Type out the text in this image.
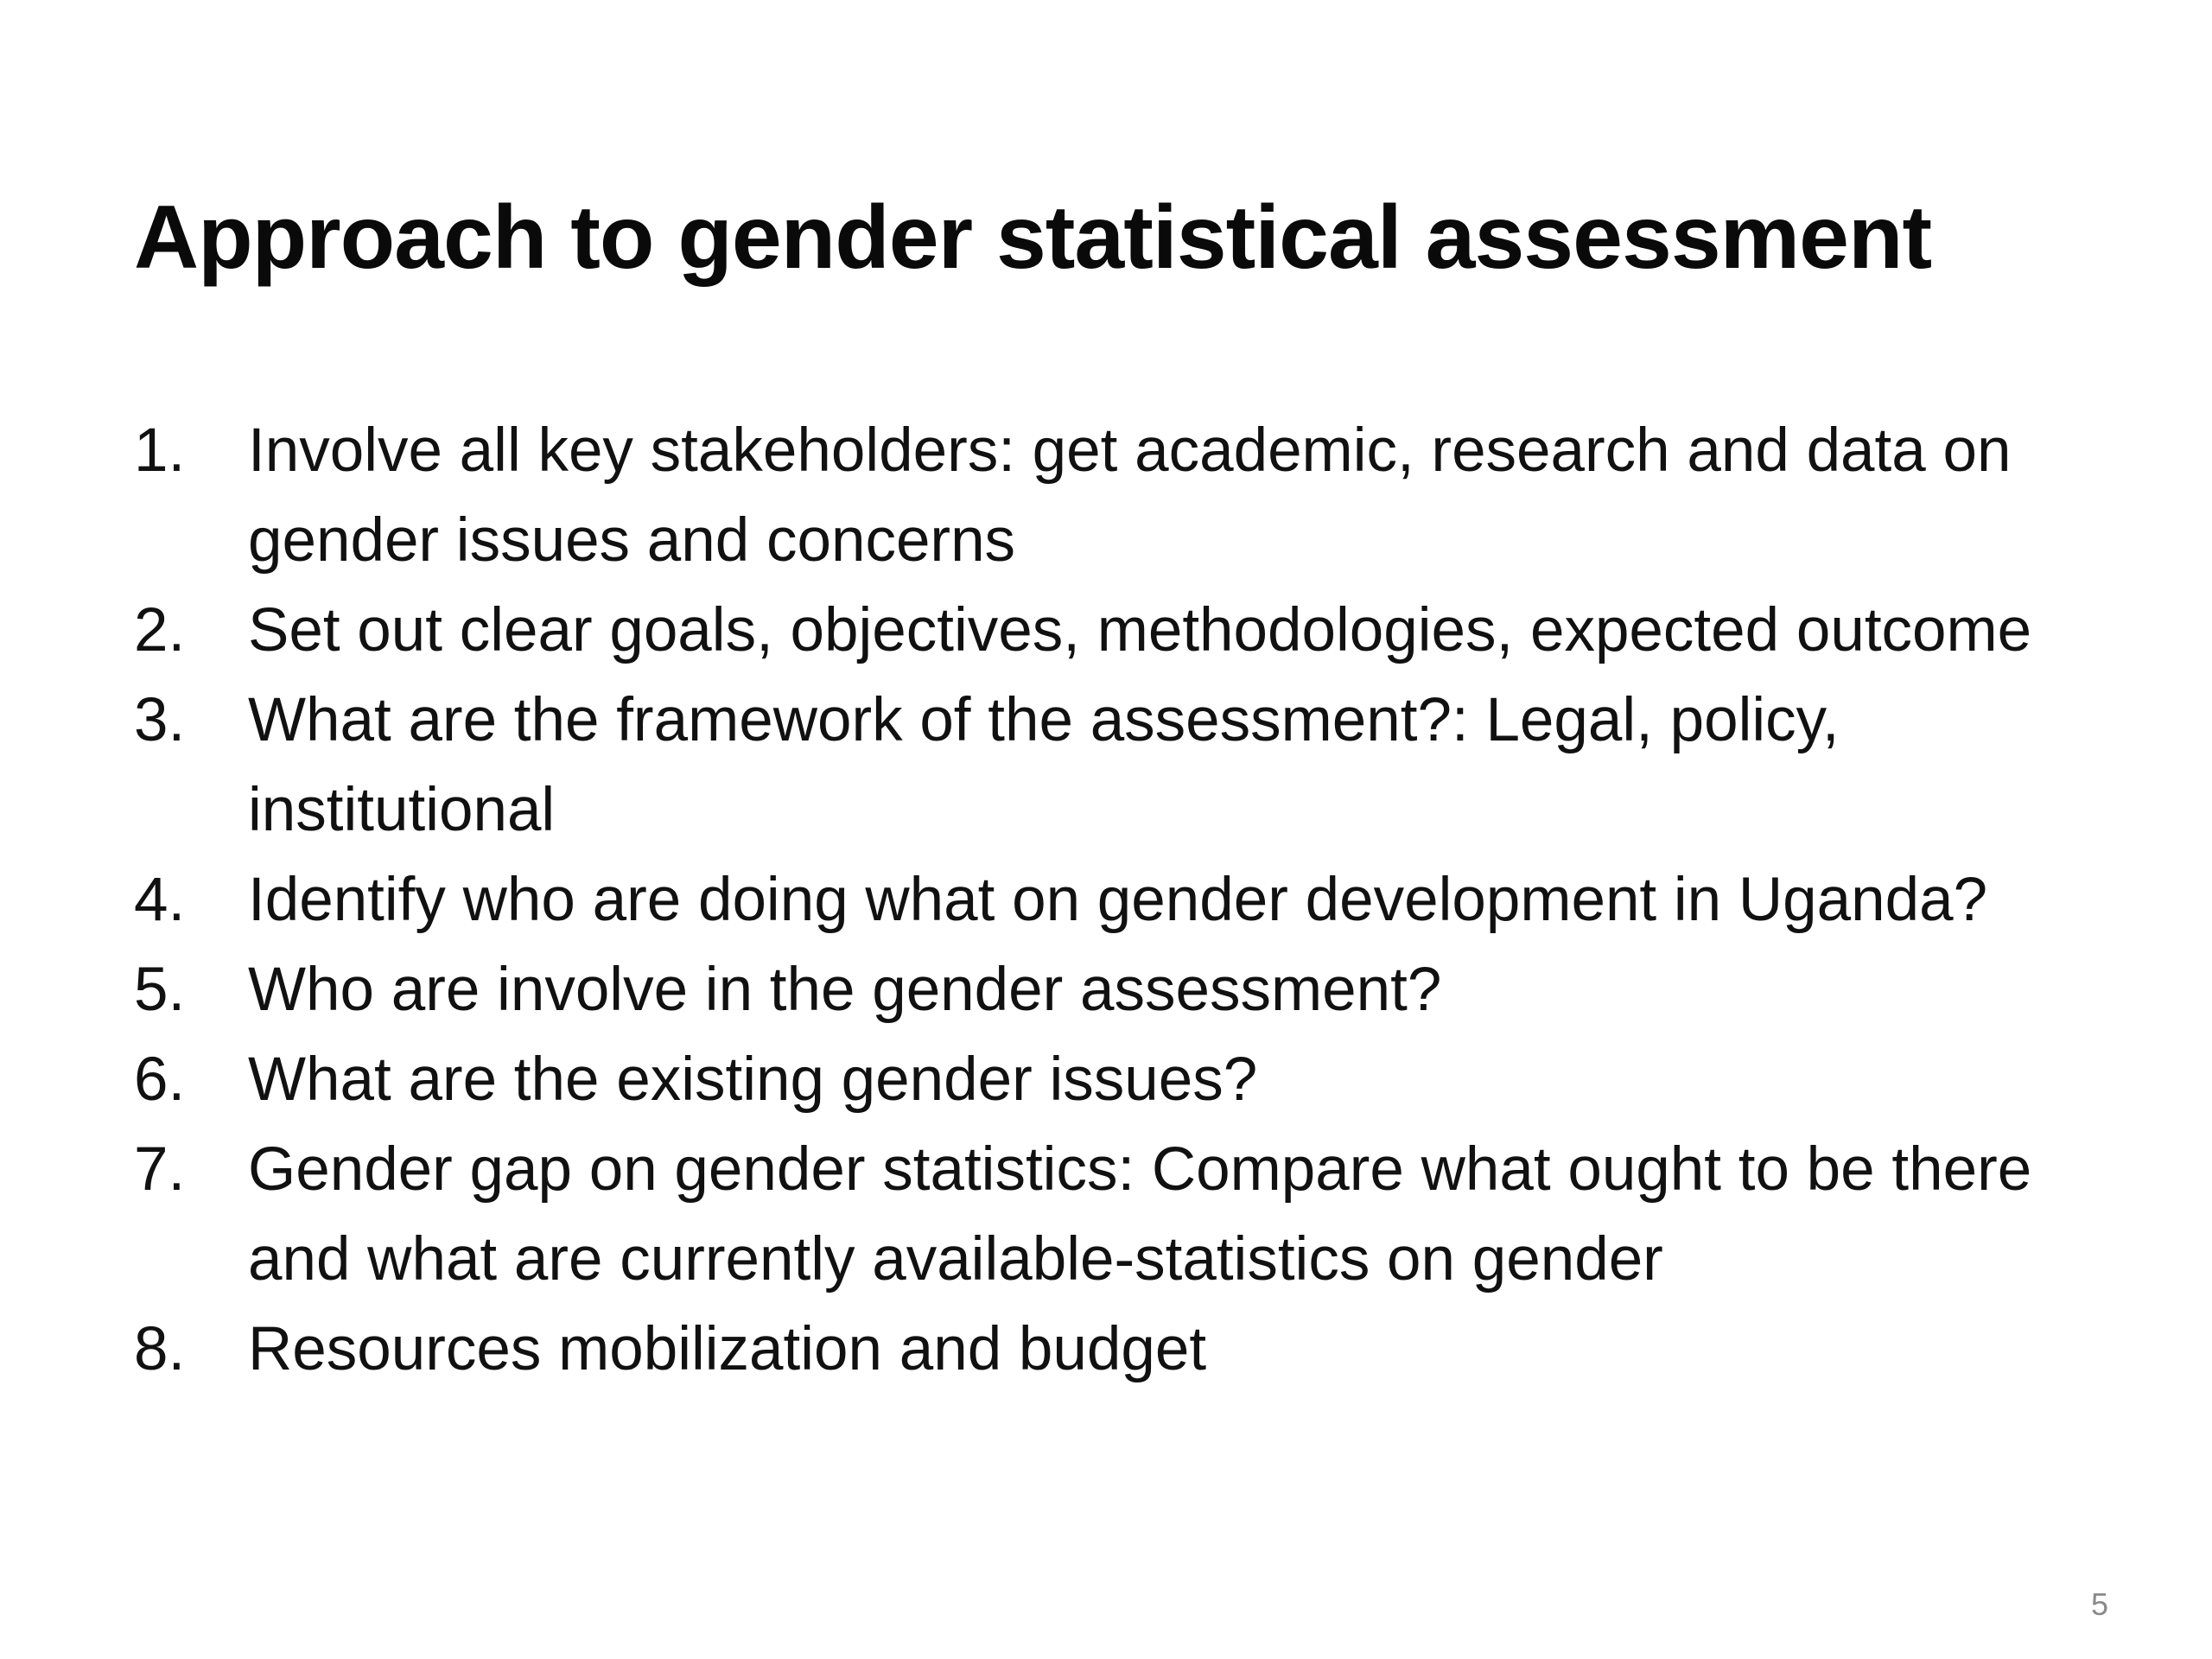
Approach to gender statistical assessment
1.	Involve all key stakeholders: get academic, research and data on gender issues and concerns
2.	Set out clear goals, objectives, methodologies, expected outcome
3.	What are the framework of the assessment?: Legal, policy, institutional
4.	Identify who are doing what on gender development in Uganda?
5.	Who are involve in the gender assessment?
6.	What are the existing gender issues?
7.	Gender gap on gender statistics: Compare what ought to be there and what are currently available-statistics on gender
8.	Resources mobilization and budget
5
